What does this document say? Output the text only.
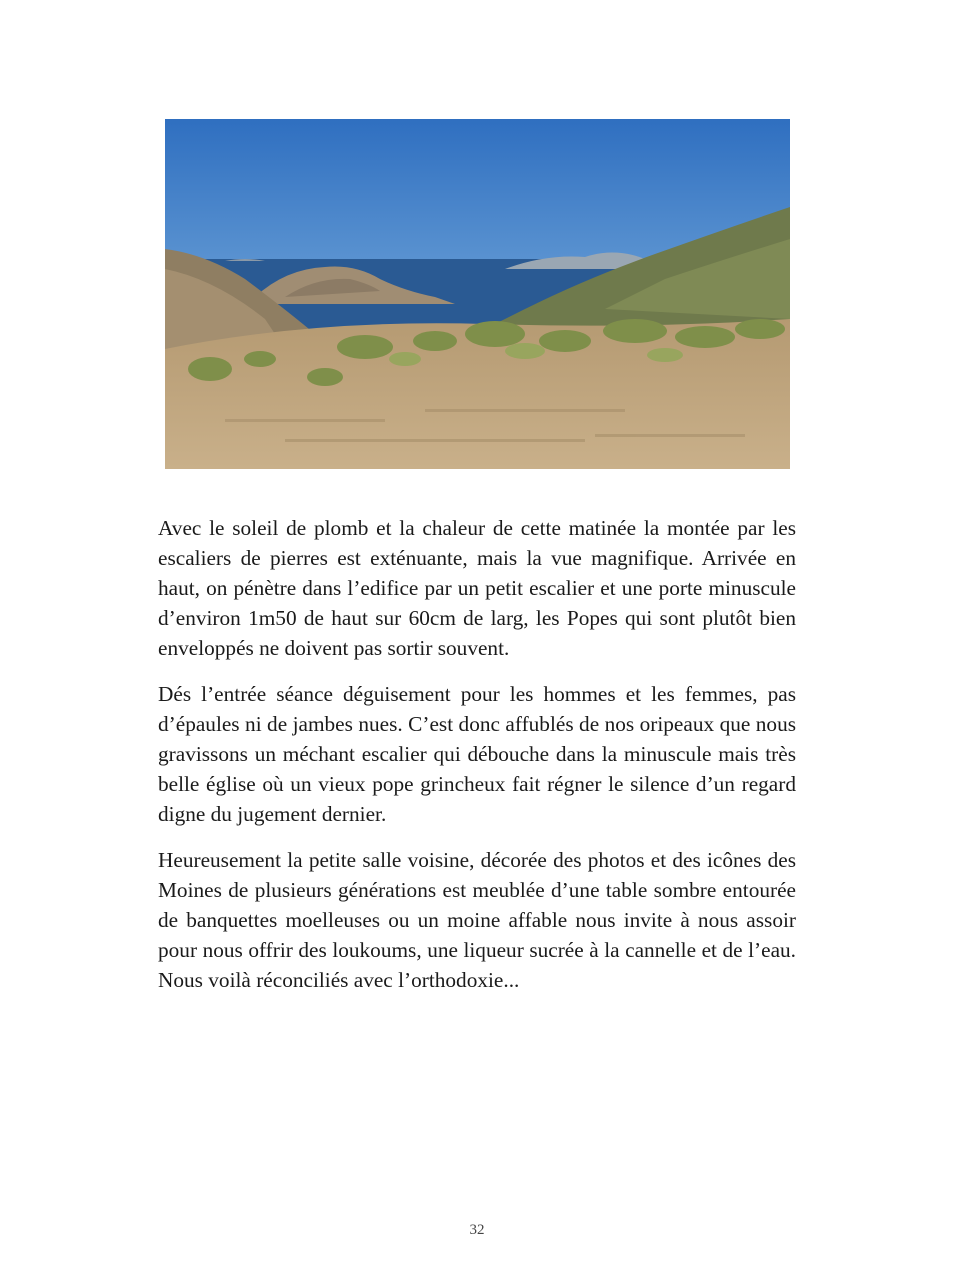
Avec le soleil de plomb et la chaleur de cette matinée la montée par les escaliers de pierres est exténuante, mais la vue magnifique. Arrivée en haut, on pénètre dans l’edifice par un petit escalier et une porte minuscule d’environ 1m50 de haut sur 60cm de larg, les Popes qui sont plutôt bien enveloppés ne doivent pas sortir souvent.

Dés l’entrée séance déguisement pour les hommes et les femmes, pas d’épaules ni de jambes nues. C’est donc affublés de nos oripeaux que nous gravissons un méchant escalier qui débouche dans la minuscule mais très belle église où un vieux pope grincheux fait régner le silence d’un regard digne du jugement dernier.

Heureusement la petite salle voisine, décorée des photos et des icônes des Moines de plusieurs générations est meublée d’une table sombre entourée de banquettes moelleuses ou un moine affable nous invite à nous assoir pour nous offrir des loukoums, une liqueur sucrée à la cannelle et de l’eau. Nous voilà réconciliés avec l’orthodoxie...

32
